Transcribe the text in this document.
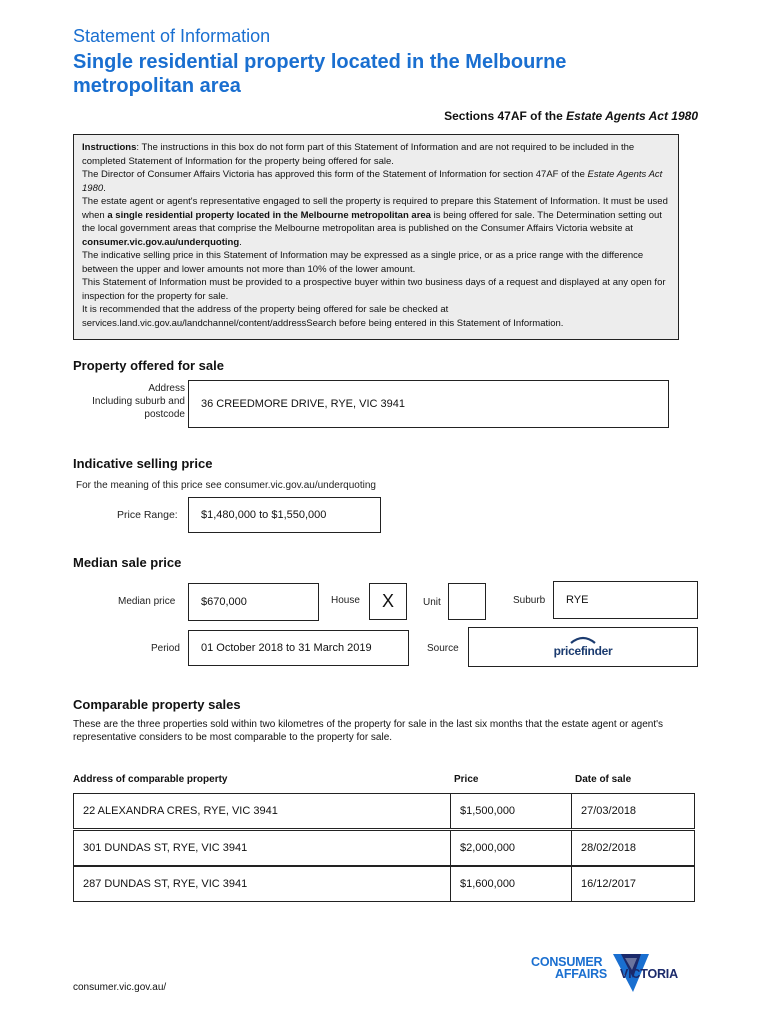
Statement of Information
Single residential property located in the Melbourne metropolitan area
Sections 47AF of the Estate Agents Act 1980

Instructions: The instructions in this box do not form part of this Statement of Information and are not required to be included in the completed Statement of Information for the property being offered for sale.

The Director of Consumer Affairs Victoria has approved this form of the Statement of Information for section 47AF of the Estate Agents Act 1980.

The estate agent or agent's representative engaged to sell the property is required to prepare this Statement of Information. It must be used when a single residential property located in the Melbourne metropolitan area is being offered for sale. The Determination setting out the local government areas that comprise the Melbourne metropolitan area is published on the Consumer Affairs Victoria website at consumer.vic.gov.au/underquoting.

The indicative selling price in this Statement of Information may be expressed as a single price, or as a price range with the difference between the upper and lower amounts not more than 10% of the lower amount.

This Statement of Information must be provided to a prospective buyer within two business days of a request and displayed at any open for inspection for the property for sale.

It is recommended that the address of the property being offered for sale be checked at services.land.vic.gov.au/landchannel/content/addressSearch before being entered in this Statement of Information.

Property offered for sale
Address
Including suburb and
postcode
36 CREEDMORE DRIVE, RYE, VIC 3941
Indicative selling price
For the meaning of this price see consumer.vic.gov.au/underquoting
Price Range:	$1,480,000 to $1,550,000
Median sale price
Median price	$670,000	House	X	Unit	Suburb	RYE
Period	01 October 2018 to 31 March 2019	Source	pricefinder
Comparable property sales
These are the three properties sold within two kilometres of the property for sale in the last six months that the estate agent or agent's representative considers to be most comparable to the property for sale.
Address of comparable property	Price	Date of sale
22 ALEXANDRA CRES, RYE, VIC 3941	$1,500,000	27/03/2018
301 DUNDAS ST, RYE, VIC 3941	$2,000,000	28/02/2018
287 DUNDAS ST, RYE, VIC 3941	$1,600,000	16/12/2017
CONSUMER
AFFAIRS VICTORIA
consumer.vic.gov.au/
